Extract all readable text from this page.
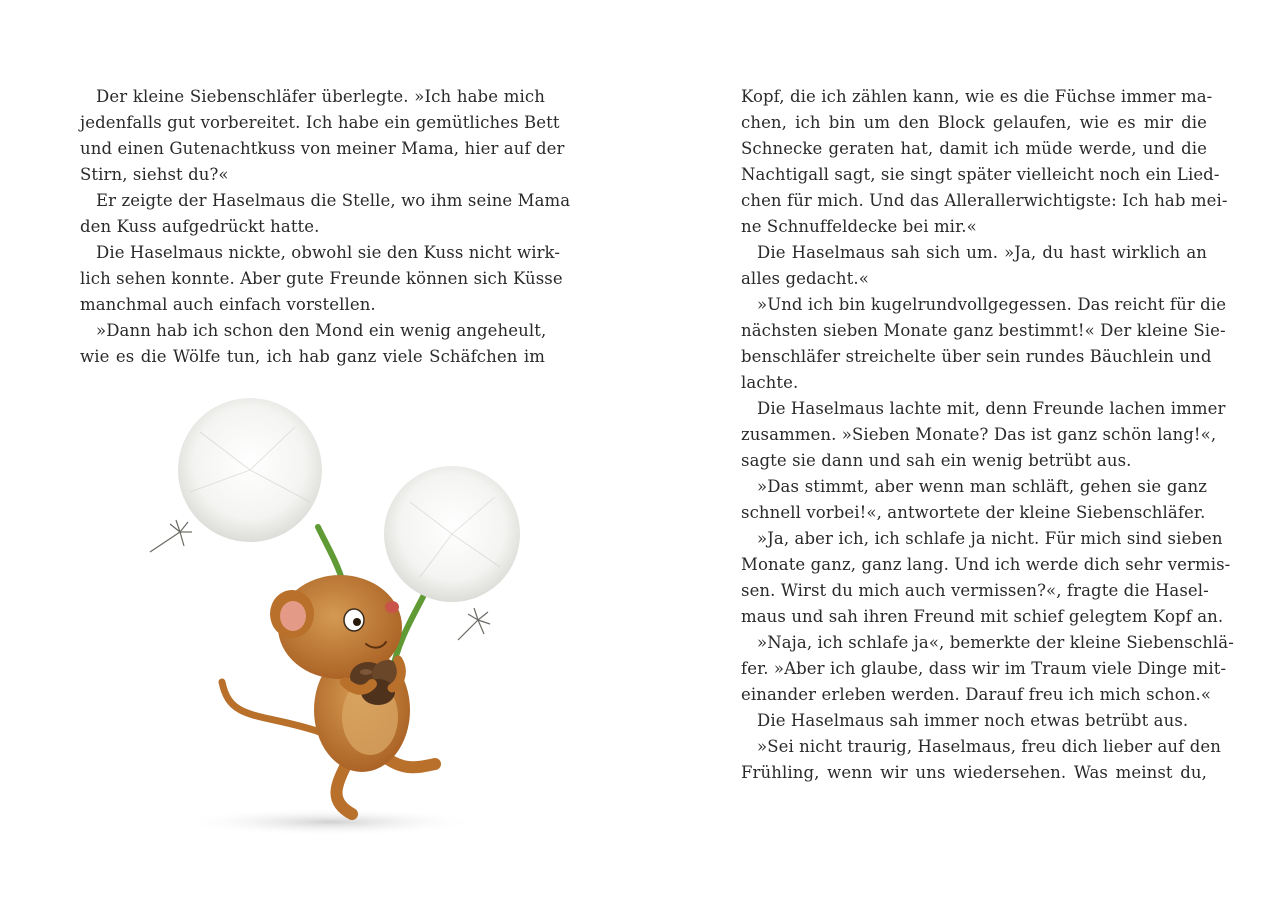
Der kleine Siebenschläfer überlegte. »Ich habe mich
jedenfalls gut vorbereitet. Ich habe ein gemütliches Bett
und einen Gutenachtkuss von meiner Mama, hier auf der
Stirn, siehst du?«
Er zeigte der Haselmaus die Stelle, wo ihm seine Mama
den Kuss aufgedrückt hatte.
Die Haselmaus nickte, obwohl sie den Kuss nicht wirk-
lich sehen konnte. Aber gute Freunde können sich Küsse
manchmal auch einfach vorstellen.
»Dann hab ich schon den Mond ein wenig angeheult,
wie es die Wölfe tun, ich hab ganz viele Schäfchen im
Kopf, die ich zählen kann, wie es die Füchse immer ma-
chen, ich bin um den Block gelaufen, wie es mir die
Schnecke geraten hat, damit ich müde werde, und die
Nachtigall sagt, sie singt später vielleicht noch ein Lied-
chen für mich. Und das Allerallerwichtigste: Ich hab mei-
ne Schnuffeldecke bei mir.«
Die Haselmaus sah sich um. »Ja, du hast wirklich an
alles gedacht.«
»Und ich bin kugelrundvollgegessen. Das reicht für die
nächsten sieben Monate ganz bestimmt!« Der kleine Sie-
benschläfer streichelte über sein rundes Bäuchlein und
lachte.
Die Haselmaus lachte mit, denn Freunde lachen immer
zusammen. »Sieben Monate? Das ist ganz schön lang!«,
sagte sie dann und sah ein wenig betrübt aus.
»Das stimmt, aber wenn man schläft, gehen sie ganz
schnell vorbei!«, antwortete der kleine Siebenschläfer.
»Ja, aber ich, ich schlafe ja nicht. Für mich sind sieben
Monate ganz, ganz lang. Und ich werde dich sehr vermis-
sen. Wirst du mich auch vermissen?«, fragte die Hasel-
maus und sah ihren Freund mit schief gelegtem Kopf an.
»Naja, ich schlafe ja«, bemerkte der kleine Siebenschlä-
fer. »Aber ich glaube, dass wir im Traum viele Dinge mit-
einander erleben werden. Darauf freu ich mich schon.«
Die Haselmaus sah immer noch etwas betrübt aus.
»Sei nicht traurig, Haselmaus, freu dich lieber auf den
Frühling, wenn wir uns wiedersehen. Was meinst du,
